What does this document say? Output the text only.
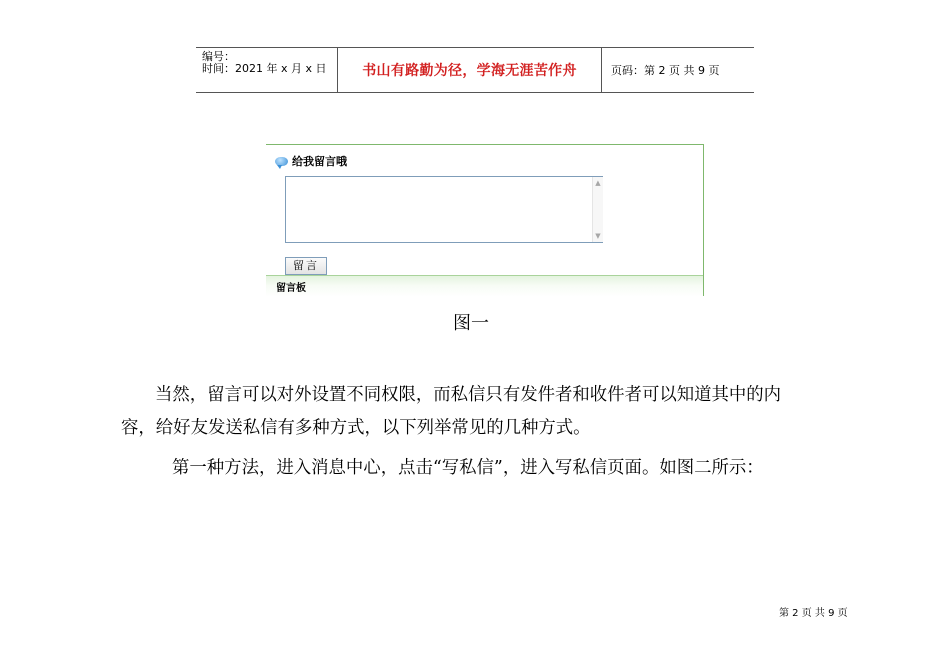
编号：
时间：2021 年 x 月 x 日	书山有路勤为径，学海无涯苦作舟	页码：第 2 页 共 9 页
给我留言哦
▲
▼
留言
留言板
图一
当然，留言可以对外设置不同权限，而私信只有发件者和收件者可以知道其中的内
容，给好友发送私信有多种方式，以下列举常见的几种方式。
第一种方法，进入消息中心，点击“写私信”，进入写私信页面。如图二所示：
第 2 页 共 9 页
